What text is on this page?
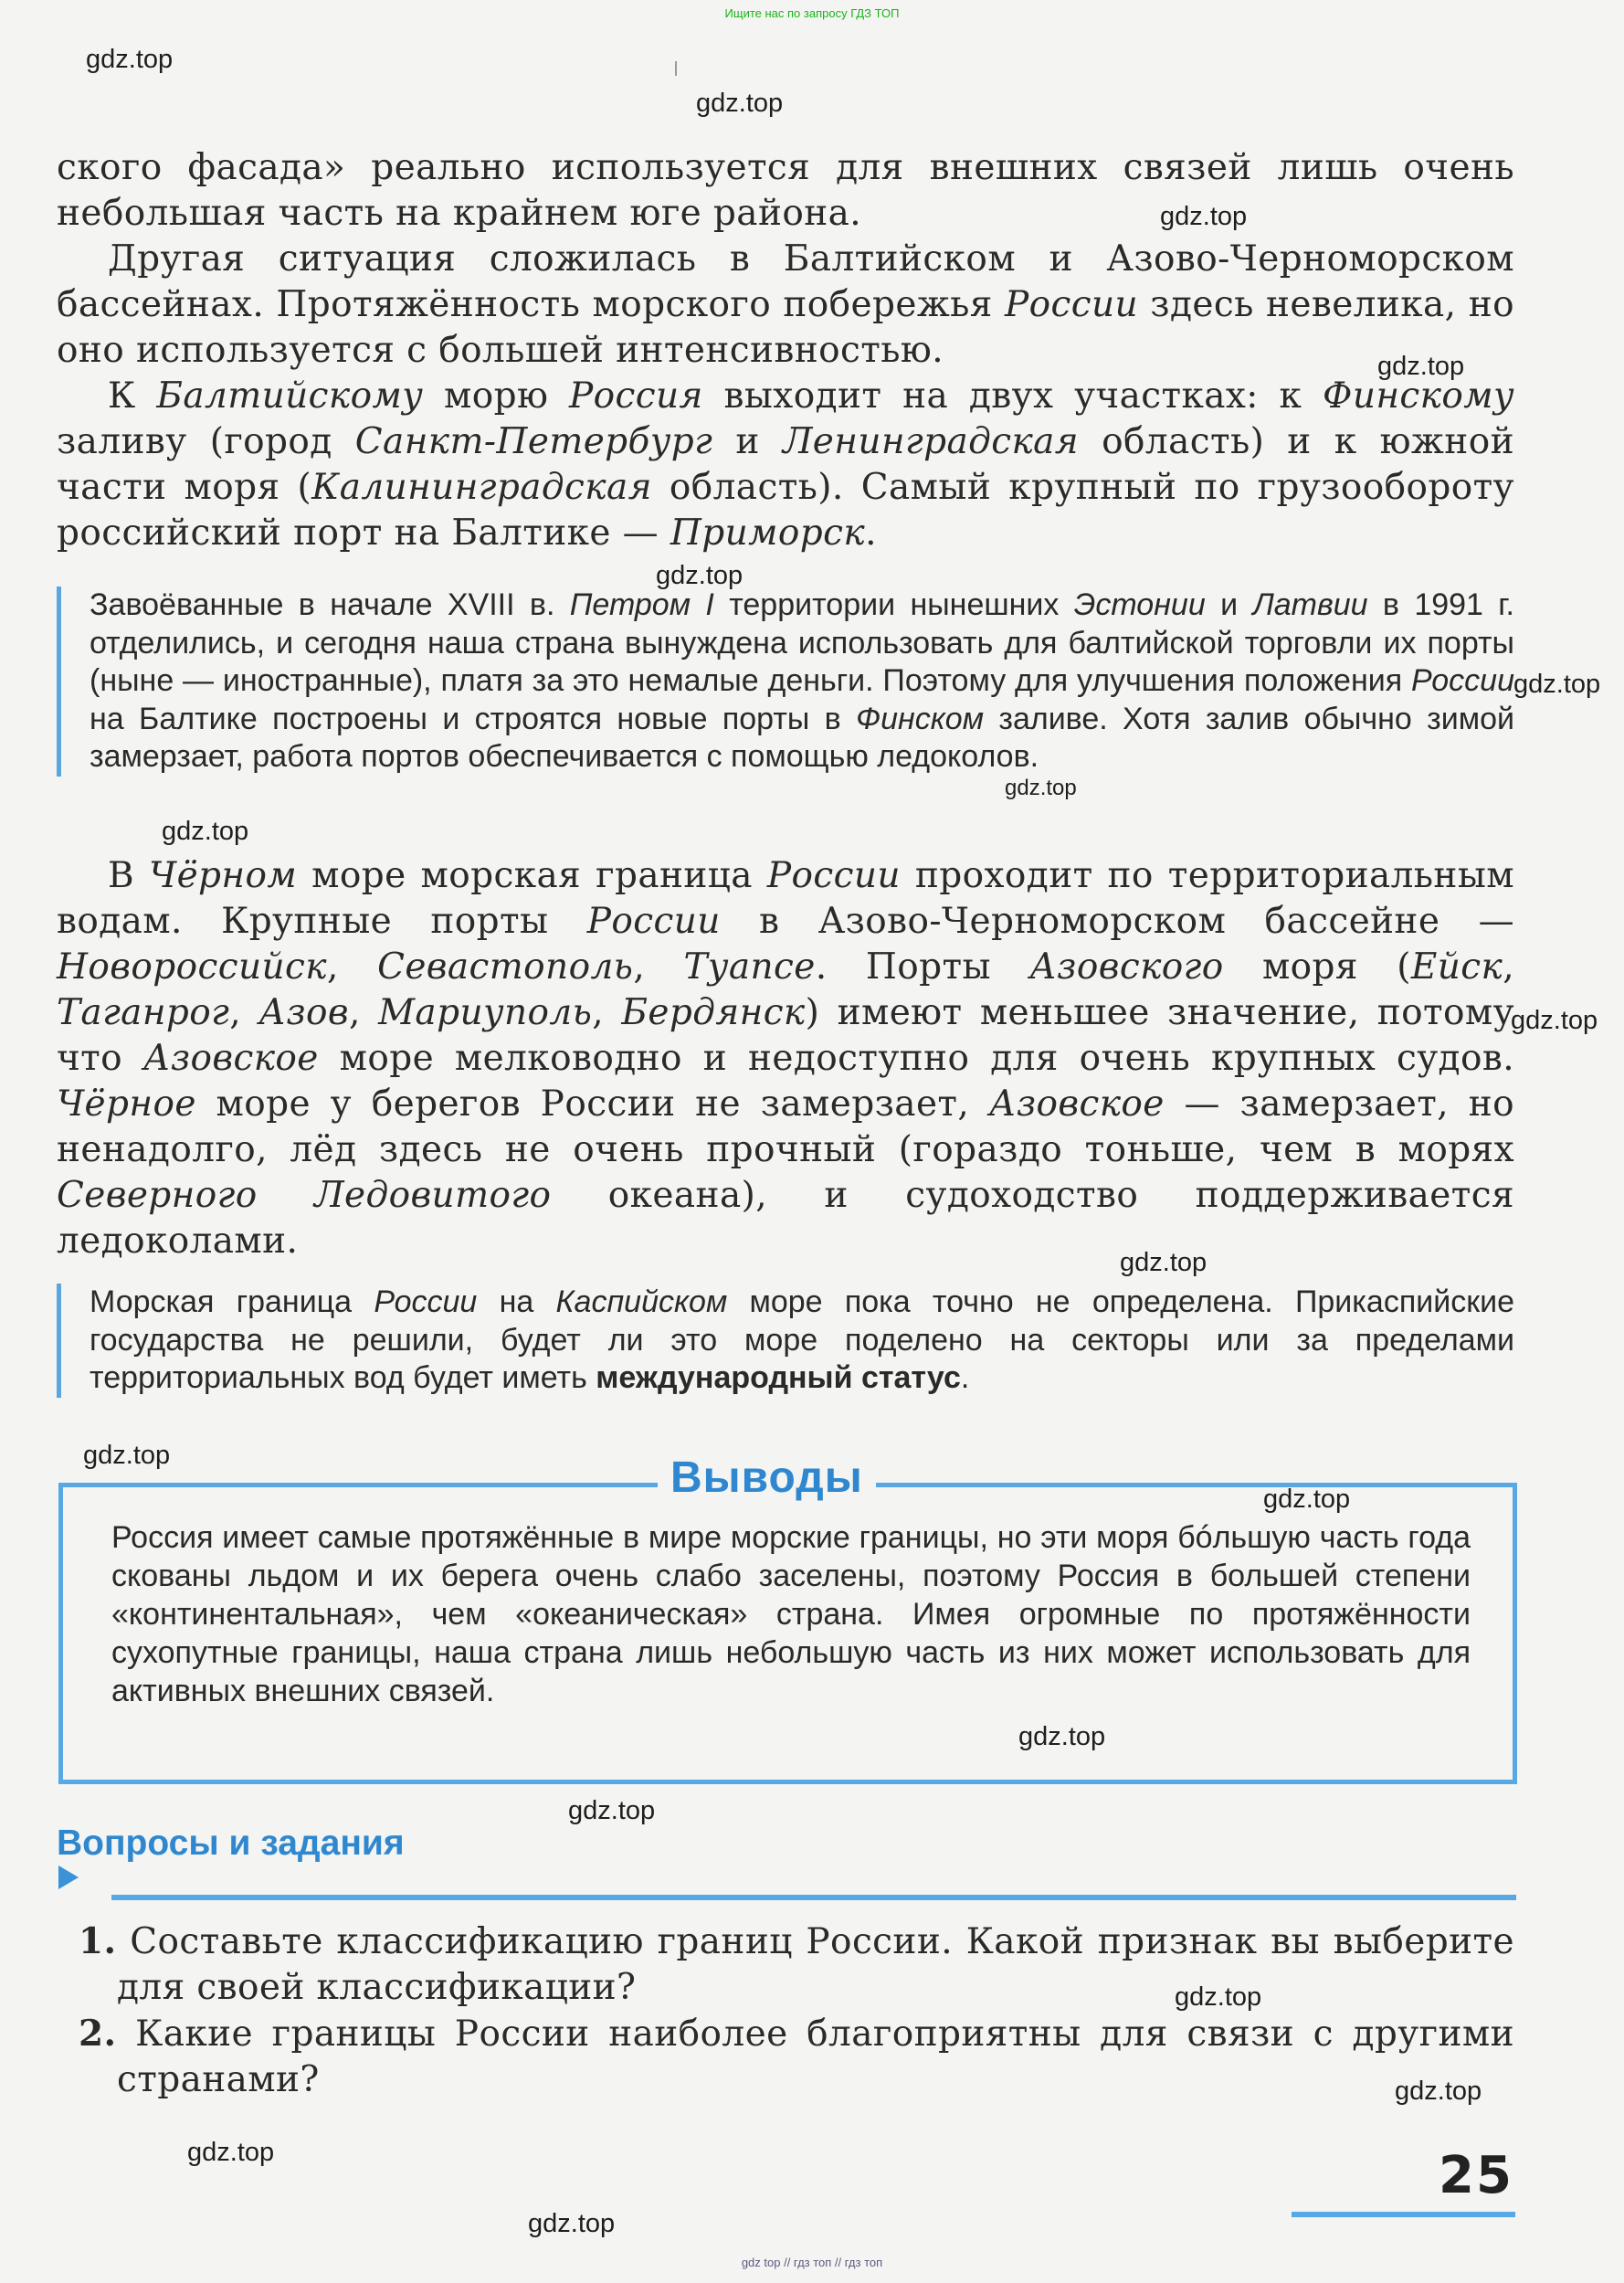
Ищите нас по запросу ГДЗ ТОП

ского фасада» реально используется для внешних связей лишь очень небольшая часть на крайнем юге района.

Другая ситуация сложилась в Балтийском и Азово-Черноморском бассейнах. Протяжённость морского побережья России здесь невелика, но оно используется с большей интенсивностью.

К Балтийскому морю Россия выходит на двух участках: к Финскому заливу (город Санкт-Петербург и Ленинградская область) и к южной части моря (Калининградская область). Самый крупный по грузообороту российский порт на Балтике — Приморск.

Завоёванные в начале XVIII в. Петром I территории нынешних Эстонии и Латвии в 1991 г. отделились, и сегодня наша страна вынуждена использовать для балтийской торговли их порты (ныне — иностранные), платя за это немалые деньги. Поэтому для улучшения положения России на Балтике построены и строятся новые порты в Финском заливе. Хотя залив обычно зимой замерзает, работа портов обеспечивается с помощью ледоколов.

В Чёрном море морская граница России проходит по территориальным водам. Крупные порты России в Азово-Черноморском бассейне — Новороссийск, Севастополь, Туапсе. Порты Азовского моря (Ейск, Таганрог, Азов, Мариуполь, Бердянск) имеют меньшее значение, потому что Азовское море мелководно и недоступно для очень крупных судов. Чёрное море у берегов России не замерзает, Азовское — замерзает, но ненадолго, лёд здесь не очень прочный (гораздо тоньше, чем в морях Северного Ледовитого океана), и судоходство поддерживается ледоколами.

Морская граница России на Каспийском море пока точно не определена. Прикаспийские государства не решили, будет ли это море поделено на секторы или за пределами территориальных вод будет иметь международный статус.
Выводы
Россия имеет самые протяжённые в мире морские границы, но эти моря бóльшую часть года скованы льдом и их берега очень слабо заселены, поэтому Россия в большей степени «континентальная», чем «океаническая» страна. Имея огромные по протяжённости сухопутные границы, наша страна лишь небольшую часть из них может использовать для активных внешних связей.
Вопросы и задания

1. Составьте классификацию границ России. Какой признак вы выберите для своей классификации?

2. Какие границы России наиболее благоприятны для связи с другими странами?

25
gdz.top
gdz.top
gdz.top
gdz.top
gdz.top
gdz.top
gdz.top
gdz.top
gdz.top
gdz.top
gdz.top
gdz.top
gdz.top
gdz.top
gdz.top
gdz.top
gdz.top
gdz.top
gdz top // гдз топ // гдз топ
